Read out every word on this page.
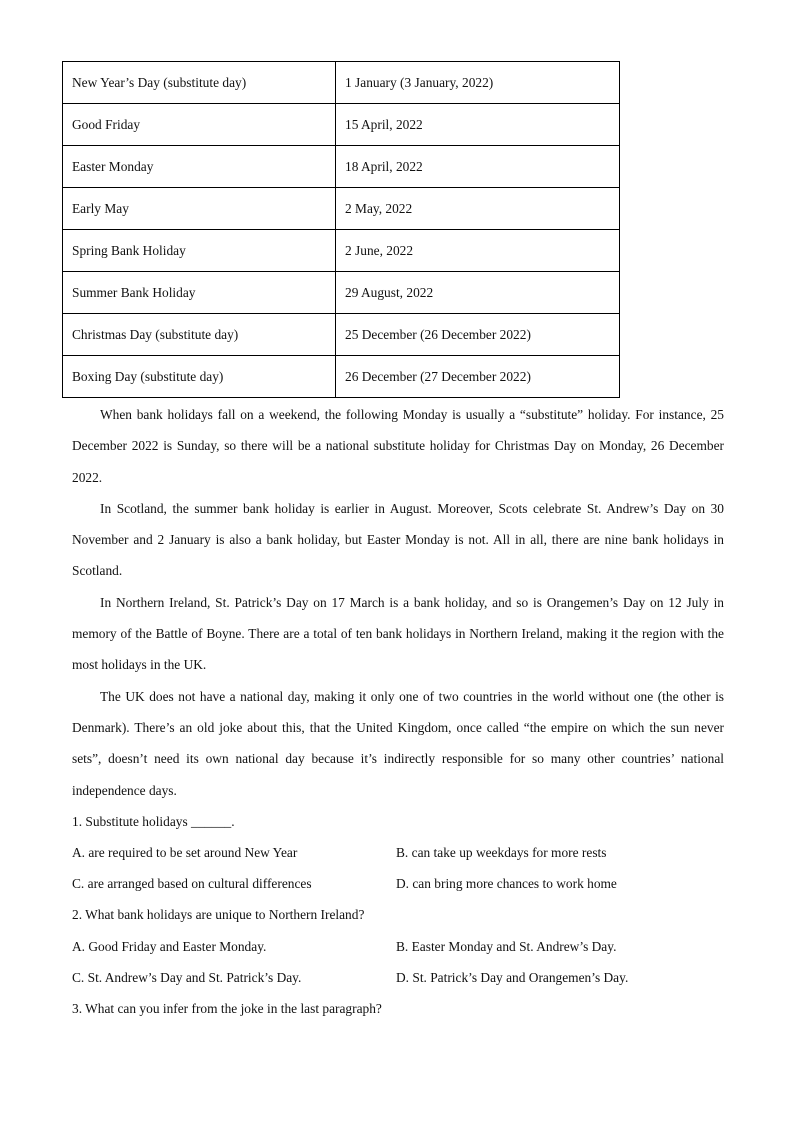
New Year’s Day (substitute day)	1 January (3 January, 2022)
Good Friday	15 April, 2022
Easter Monday	18 April, 2022
Early May	2 May, 2022
Spring Bank Holiday	2 June, 2022
Summer Bank Holiday	29 August, 2022
Christmas Day (substitute day)	25 December (26 December 2022)
Boxing Day (substitute day)	26 December (27 December 2022)

When bank holidays fall on a weekend, the following Monday is usually a “substitute” holiday. For instance, 25 December 2022 is Sunday, so there will be a national substitute holiday for Christmas Day on Monday, 26 December 2022.

In Scotland, the summer bank holiday is earlier in August. Moreover, Scots celebrate St. Andrew’s Day on 30 November and 2 January is also a bank holiday, but Easter Monday is not. All in all, there are nine bank holidays in Scotland.

In Northern Ireland, St. Patrick’s Day on 17 March is a bank holiday, and so is Orangemen’s Day on 12 July in memory of the Battle of Boyne. There are a total of ten bank holidays in Northern Ireland, making it the region with the most holidays in the UK.

The UK does not have a national day, making it only one of two countries in the world without one (the other is Denmark). There’s an old joke about this, that the United Kingdom, once called “the empire on which the sun never sets”, doesn’t need its own national day because it’s indirectly responsible for so many other countries’ national independence days.

1. Substitute holidays ______.

A. are required to be set around New Year	B. can take up weekdays for more rests
C. are arranged based on cultural differences	D. can bring more chances to work home

2. What bank holidays are unique to Northern Ireland?

A. Good Friday and Easter Monday.	B. Easter Monday and St. Andrew’s Day.
C. St. Andrew’s Day and St. Patrick’s Day.	D. St. Patrick’s Day and Orangemen’s Day.

3. What can you infer from the joke in the last paragraph?
